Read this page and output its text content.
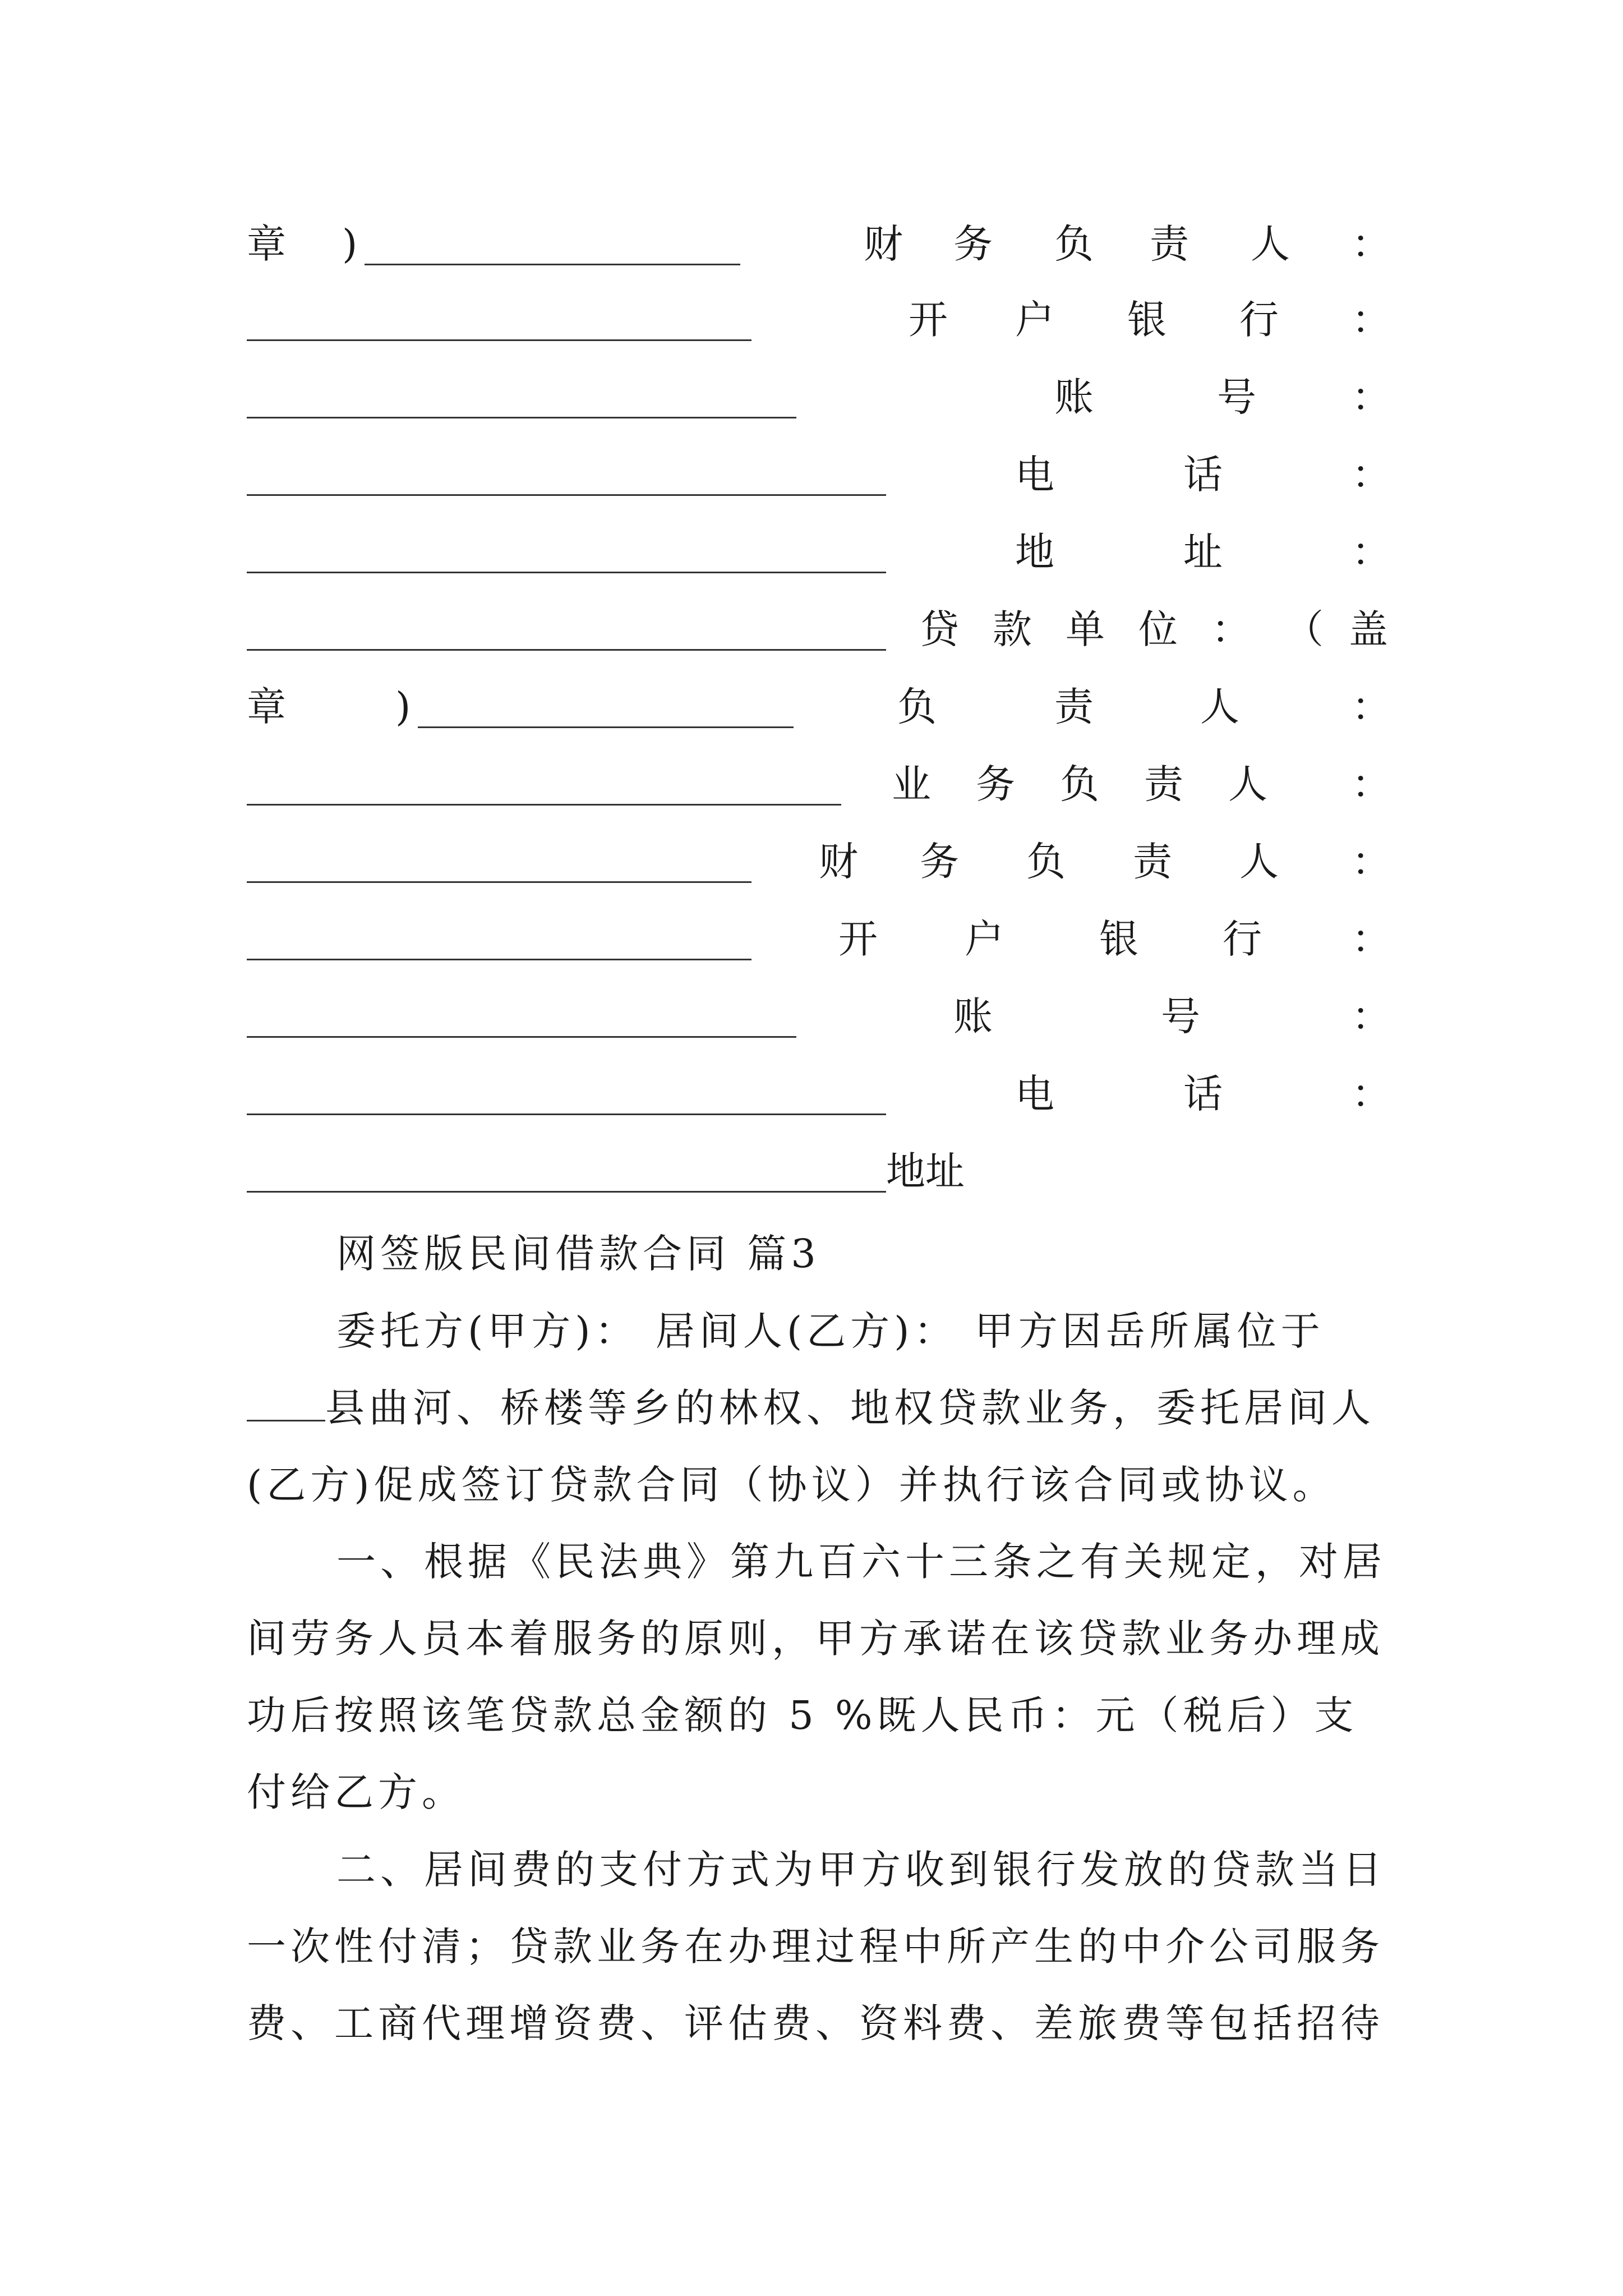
章 )	财 务 负 责 人 ：
开 户 银 行 ：
账	号 ：
电	话	：
地	址	：
贷 款 单 位 ： （ 盖
章	)	负	责	人	：
业 务 负 责 人 ：
财 务 负 责 人 ：
开 户 银 行 ：
账	号	：
电	话	：
地址
网签版民间借款合同 篇3

委托方(甲方)： 居间人(乙方)： 甲方因岳所属位于县曲河、桥楼等乡的林权、地权贷款业务，委托居间人(乙方)促成签订贷款合同（协议）并执行该合同或协议。

一、根据《民法典》第九百六十三条之有关规定，对居间劳务人员本着服务的原则，甲方承诺在该贷款业务办理成功后按照该笔贷款总金额的 5 %既人民币：元（税后）支付给乙方。

二、居间费的支付方式为甲方收到银行发放的贷款当日一次性付清；贷款业务在办理过程中所产生的中介公司服务费、工商代理增资费、评估费、资料费、差旅费等包括招待
